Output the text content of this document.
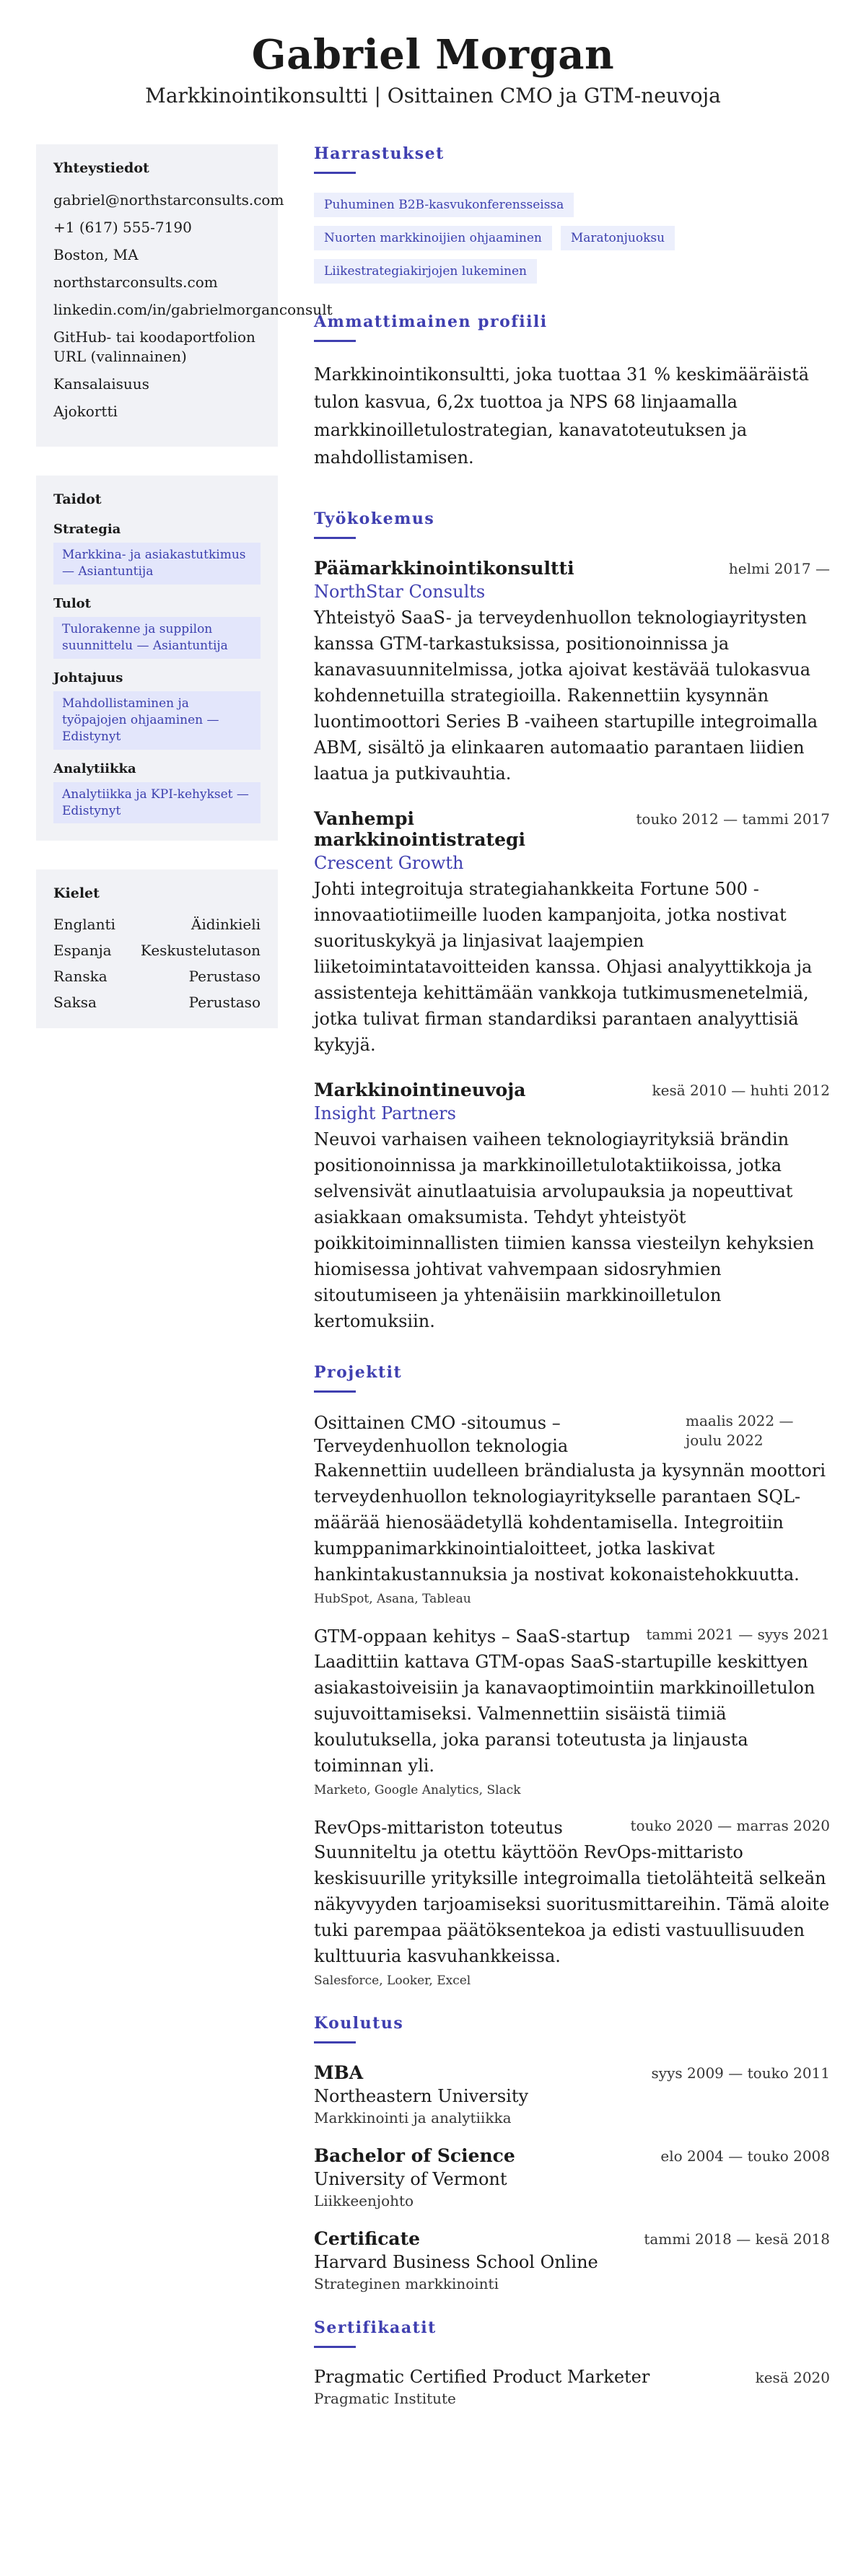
Gabriel Morgan
Markkinointikonsultti | Osittainen CMO ja GTM-neuvoja
Yhteystiedot
gabriel@northstarconsults.com
+1 (617) 555-7190
Boston, MA
northstarconsults.com
linkedin.com/in/gabrielmorganconsult
GitHub- tai koodaportfolion URL (valinnainen)
Kansalaisuus
Ajokortti
Taidot
Strategia
Markkina- ja asiakastutkimus — Asiantuntija
Tulot
Tulorakenne ja suppilon suunnittelu — Asiantuntija
Johtajuus
Mahdollistaminen ja työpajojen ohjaaminen — Edistynyt
Analytiikka
Analytiikka ja KPI-kehykset — Edistynyt
Kielet
Englanti	Äidinkieli
Espanja Keskustelutason
Ranska	Perustaso
Saksa	Perustaso
Harrastukset
Puhuminen B2B-kasvukonferensseissa
Nuorten markkinoijien ohjaaminen	Maratonjuoksu
Liikestrategiakirjojen lukeminen
Ammattimainen profiili
Markkinointikonsultti, joka tuottaa 31 % keskimääräistä tulon kasvua, 6,2x tuottoa ja NPS 68 linjaamalla markkinoilletulostrategian, kanavatoteutuksen ja mahdollistamisen.
Työkokemus
Päämarkkinointikonsultti	helmi 2017 —
NorthStar Consults
Yhteistyö SaaS- ja terveydenhuollon teknologiayritysten kanssa GTM-tarkastuksissa, positionoinnissa ja kanavasuunnitelmissa, jotka ajoivat kestävää tulokasvua kohdennetuilla strategioilla. Rakennettiin kysynnän luontimoottori Series B -vaiheen startupille integroimalla ABM, sisältö ja elinkaaren automaatio parantaen liidien laatua ja putkivauhtia.
Vanhempi markkinointistrategi
touko 2012 — tammi 2017
Crescent Growth
Johti integroituja strategiahankkeita Fortune 500 -innovaatiotiimeille luoden kampanjoita, jotka nostivat suorituskykyä ja linjasivat laajempien liiketoimintatavoitteiden kanssa. Ohjasi analyyttikkoja ja assistenteja kehittämään vankkoja tutkimusmenetelmiä, jotka tulivat firman standardiksi parantaen analyyttisiä kykyjä.
Markkinointineuvoja	kesä 2010 — huhti 2012
Insight Partners
Neuvoi varhaisen vaiheen teknologiayrityksiä brändin positionoinnissa ja markkinoilletulotaktiikoissa, jotka selvensivät ainutlaatuisia arvolupauksia ja nopeuttivat asiakkaan omaksumista. Tehdyt yhteistyöt poikkitoiminnallisten tiimien kanssa viesteilyn kehyksien hiomisessa johtivat vahvempaan sidosryhmien sitoutumiseen ja yhtenäisiin markkinoilletulon kertomuksiin.
Projektit
Osittainen CMO -sitoumus – Terveydenhuollon teknologia
maalis 2022 — joulu 2022
Rakennettiin uudelleen brändialusta ja kysynnän moottori terveydenhuollon teknologiayritykselle parantaen SQL-määrää hienosäädetyllä kohdentamisella. Integroitiin kumppanimarkkinointialoitteet, jotka laskivat hankintakustannuksia ja nostivat kokonaistehokkuutta.
HubSpot, Asana, Tableau
GTM-oppaan kehitys – SaaS-startup tammi 2021 — syys 2021
Laadittiin kattava GTM-opas SaaS-startupille keskittyen asiakastoiveisiin ja kanavaoptimointiin markkinoilletulon sujuvoittamiseksi. Valmennettiin sisäistä tiimiä koulutuksella, joka paransi toteutusta ja linjausta toiminnan yli.
Marketo, Google Analytics, Slack
RevOps-mittariston toteutus	touko 2020 — marras 2020
Suunniteltu ja otettu käyttöön RevOps-mittaristo keskisuurille yrityksille integroimalla tietolähteitä selkeän näkyvyyden tarjoamiseksi suoritusmittareihin. Tämä aloite tuki parempaa päätöksentekoa ja edisti vastuullisuuden kulttuuria kasvuhankkeissa.
Salesforce, Looker, Excel
Koulutus
MBA	syys 2009 — touko 2011
Northeastern University
Markkinointi ja analytiikka
Bachelor of Science	elo 2004 — touko 2008
University of Vermont
Liikkeenjohto
Certificate	tammi 2018 — kesä 2018
Harvard Business School Online
Strateginen markkinointi
Sertifikaatit
Pragmatic Certified Product Marketer	kesä 2020
Pragmatic Institute
